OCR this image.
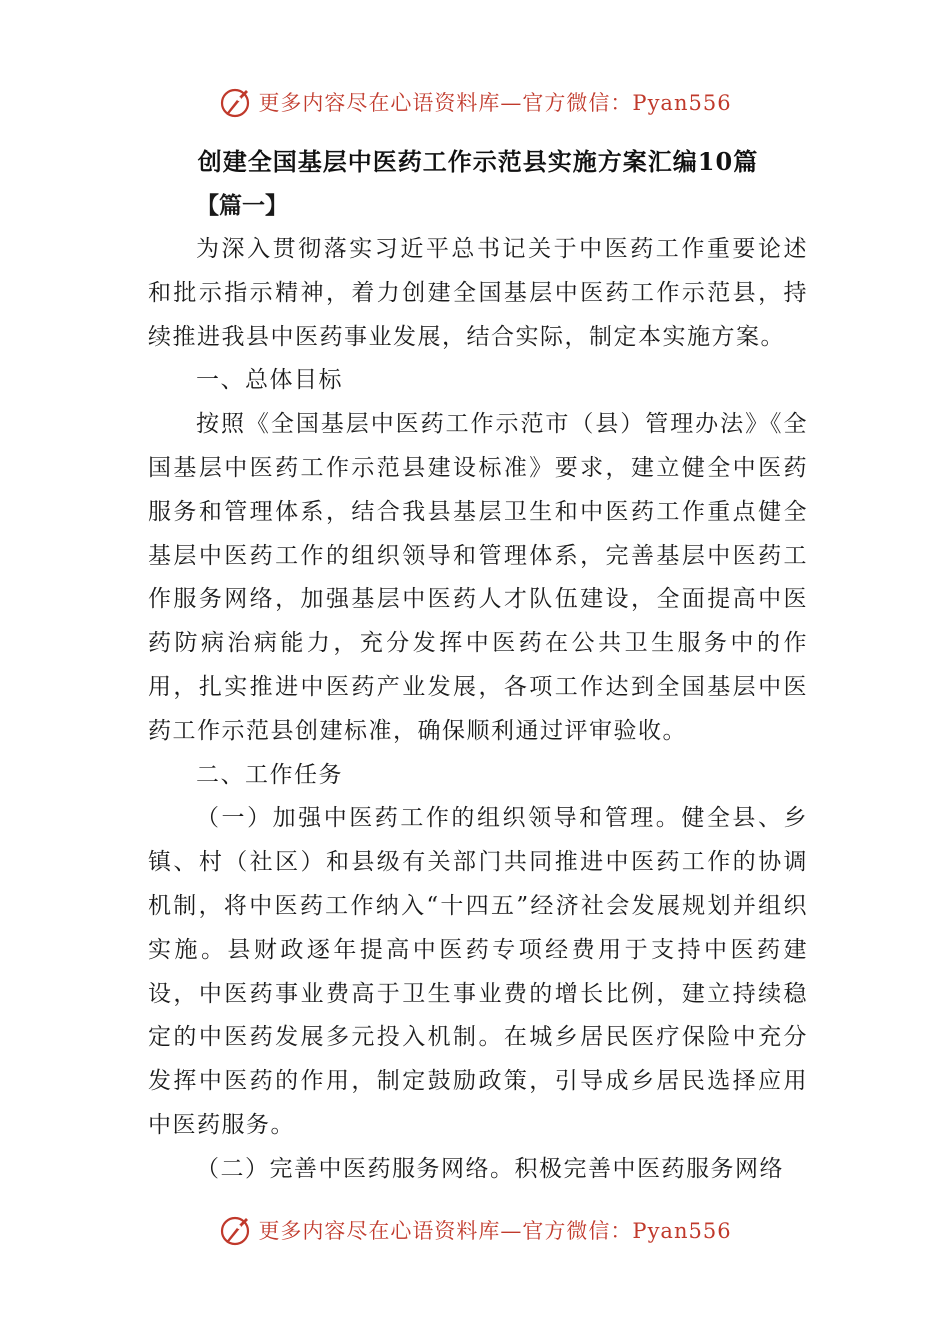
更多内容尽在心语资料库—官方微信：Pyan556

创建全国基层中医药工作示范县实施方案汇编10篇

【篇一】

为深入贯彻落实习近平总书记关于中医药工作重要论述和批示指示精神，着力创建全国基层中医药工作示范县，持续推进我县中医药事业发展，结合实际，制定本实施方案。

一、总体目标

按照《全国基层中医药工作示范市（县）管理办法》《全国基层中医药工作示范县建设标准》要求，建立健全中医药服务和管理体系，结合我县基层卫生和中医药工作重点健全基层中医药工作的组织领导和管理体系，完善基层中医药工作服务网络，加强基层中医药人才队伍建设，全面提高中医药防病治病能力，充分发挥中医药在公共卫生服务中的作用，扎实推进中医药产业发展，各项工作达到全国基层中医药工作示范县创建标准，确保顺利通过评审验收。

二、工作任务

（一）加强中医药工作的组织领导和管理。健全县、乡镇、村（社区）和县级有关部门共同推进中医药工作的协调机制，将中医药工作纳入“十四五”经济社会发展规划并组织实施。县财政逐年提高中医药专项经费用于支持中医药建设，中医药事业费高于卫生事业费的增长比例，建立持续稳定的中医药发展多元投入机制。在城乡居民医疗保险中充分发挥中医药的作用，制定鼓励政策，引导成乡居民选择应用中医药服务。

（二）完善中医药服务网络。积极完善中医药服务网络

更多内容尽在心语资料库—官方微信：Pyan556
